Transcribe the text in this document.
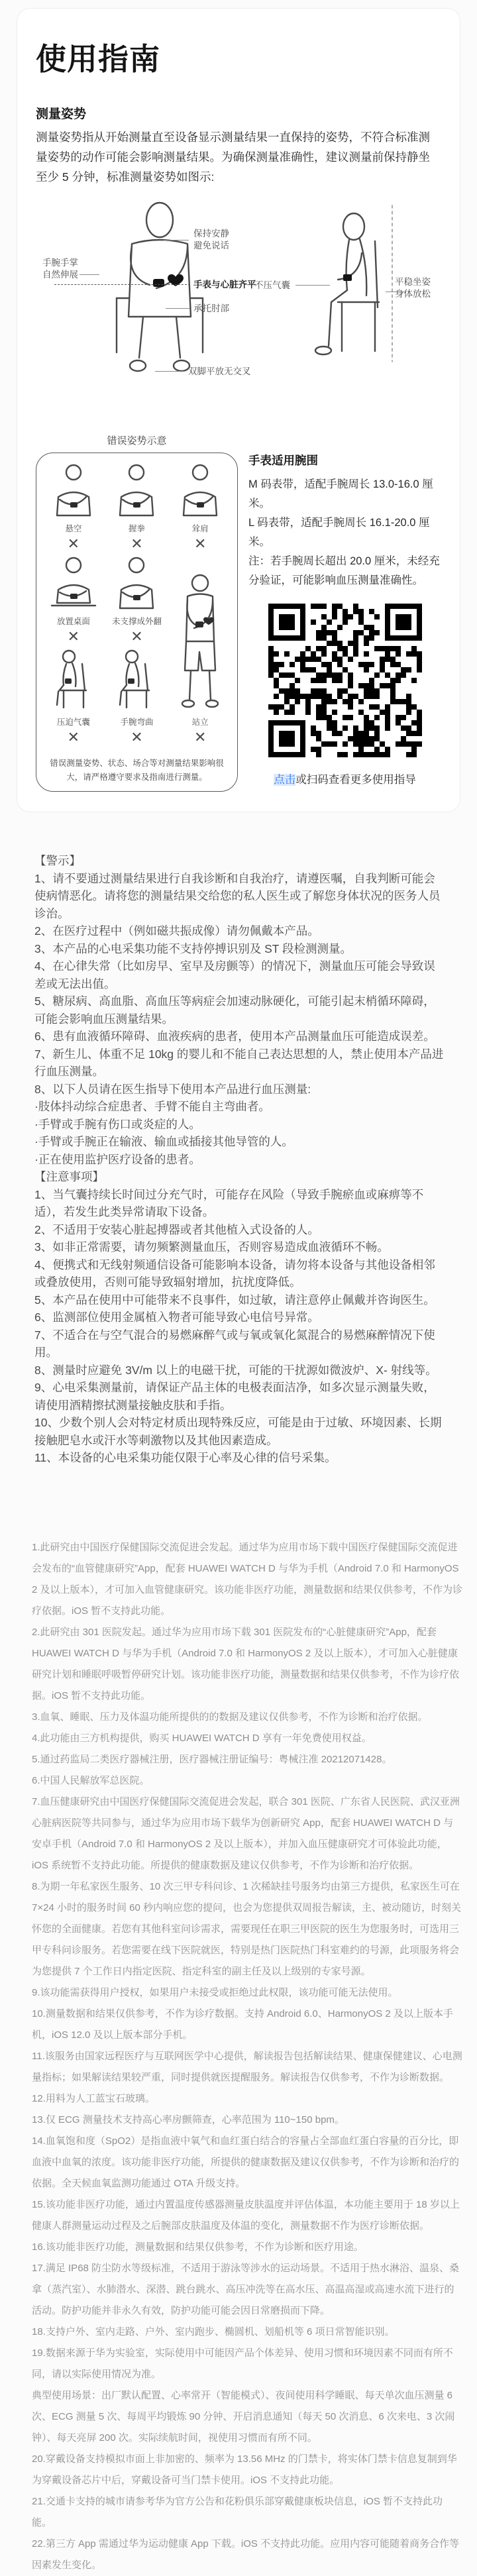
使用指南
测量姿势

测量姿势指从开始测量直至设备显示测量结果一直保持的姿势，不符合标准测量姿势的动作可能会影响测量结果。为确保测量准确性，建议测量前保持静坐至少 5 分钟，标准测量姿势如图示:

保持安静
避免说话
手腕手掌
自然伸展
手表与心脏齐平
承托肘部
双脚平放无交叉
不压气囊	平稳坐姿
身体放松
错误姿势示意
悬空
✕
握拳
✕
耸肩
✕
放置桌面
✕
未支撑成外翻
✕
站立
✕
压迫气囊
✕
手腕弯曲
✕
错误测量姿势、状态、场合等对测量结果影响很大，请严格遵守要求及指南进行测量。
手表适用腕围

M 码表带，适配手腕周长 13.0-16.0 厘米。

L 码表带，适配手腕周长 16.1-20.0 厘米。

注：若手腕周长超出 20.0 厘米，未经充分验证，可能影响血压测量准确性。

点击或扫码查看更多使用指导

【警示】

1、请不要通过测量结果进行自我诊断和自我治疗，请遵医嘱，自我判断可能会使病情恶化。请将您的测量结果交给您的私人医生或了解您身体状况的医务人员诊治。

2、在医疗过程中（例如磁共振成像）请勿佩戴本产品。

3、本产品的心电采集功能不支持停搏识别及 ST 段检测测量。

4、在心律失常（比如房早、室早及房颤等）的情况下，测量血压可能会导致误差或无法出值。

5、糖尿病、高血脂、高血压等病症会加速动脉硬化，可能引起末梢循环障碍，可能会影响血压测量结果。

6、患有血液循环障碍、血液疾病的患者，使用本产品测量血压可能造成误差。

7、新生儿、体重不足 10kg 的婴儿和不能自己表达思想的人，禁止使用本产品进行血压测量。

8、以下人员请在医生指导下使用本产品进行血压测量:

·肢体抖动综合症患者、手臂不能自主弯曲者。

·手臂或手腕有伤口或炎症的人。

·手臂或手腕正在输液、输血或插接其他导管的人。

·正在使用监护医疗设备的患者。

【注意事项】

1、当气囊持续长时间过分充气时，可能存在风险（导致手腕瘀血或麻痹等不适），若发生此类异常请取下设备。

2、不适用于安装心脏起搏器或者其他植入式设备的人。

3、如非正常需要，请勿频繁测量血压，否则容易造成血液循环不畅。

4、便携式和无线射频通信设备可能影响本设备，请勿将本设备与其他设备相邻或叠放使用，否则可能导致辐射增加，抗扰度降低。

5、本产品在使用中可能带来不良事件，如过敏，请注意停止佩戴并咨询医生。

6、监测部位使用金属植入物者可能导致心电信号异常。

7、不适合在与空气混合的易燃麻醉气或与氧或氧化氮混合的易燃麻醉情况下使用。

8、测量时应避免 3V/m 以上的电磁干扰，可能的干扰源如微波炉、X- 射线等。

9、心电采集测量前，请保证产品主体的电极表面洁净，如多次显示测量失败，请使用酒精擦拭测量接触皮肤和手指。

10、少数个别人会对特定材质出现特殊反应，可能是由于过敏、环境因素、长期接触肥皂水或汗水等刺激物以及其他因素造成。

11、本设备的心电采集功能仅限于心率及心律的信号采集。

1.此研究由中国医疗保健国际交流促进会发起。通过华为应用市场下载中国医疗保健国际交流促进会发布的“血管健康研究”App，配套 HUAWEI WATCH D 与华为手机（Android 7.0 和 HarmonyOS 2 及以上版本），才可加入血管健康研究。该功能非医疗功能，测量数据和结果仅供参考，不作为诊疗依据。iOS 暂不支持此功能。

2.此研究由 301 医院发起。通过华为应用市场下载 301 医院发布的“心脏健康研究”App，配套 HUAWEI WATCH D 与华为手机（Android 7.0 和 HarmonyOS 2 及以上版本），才可加入心脏健康研究计划和睡眠呼吸暂停研究计划。该功能非医疗功能，测量数据和结果仅供参考，不作为诊疗依据。iOS 暂不支持此功能。

3.血氧、睡眠、压力及体温功能所提供的的数据及建议仅供参考，不作为诊断和治疗依据。

4.此功能由三方机构提供，购买 HUAWEI WATCH D 享有一年免费使用权益。

5.通过药监局二类医疗器械注册，医疗器械注册证编号：粤械注准 20212071428。

6.中国人民解放军总医院。

7.血压健康研究由中国医疗保健国际交流促进会发起，联合 301 医院、广东省人民医院、武汉亚洲心脏病医院等共同参与，通过华为应用市场下载华为创新研究 App，配套 HUAWEI WATCH D 与安卓手机（Android 7.0 和 HarmonyOS 2 及以上版本），并加入血压健康研究才可体验此功能，iOS 系统暂不支持此功能。所提供的健康数据及建议仅供参考，不作为诊断和治疗依据。

8.为期一年私家医生服务、10 次三甲专科问诊、1 次稀缺挂号服务均由第三方提供，私家医生可在 7×24 小时的服务时间 60 秒内响应您的提问，也会为您提供双周报告解读，主、被动随访，时刻关怀您的全面健康。若您有其他科室问诊需求，需要现任在职三甲医院的医生为您服务时，可选用三甲专科问诊服务。若您需要在线下医院就医，特别是热门医院热门科室难约的号源，此项服务将会为您提供 7 个工作日内指定医院、指定科室的副主任及以上级别的专家号源。

9.该功能需获得用户授权，如果用户未接受或拒绝过此权限，该功能可能无法使用。

10.测量数据和结果仅供参考，不作为诊疗数据。支持 Android 6.0、HarmonyOS 2 及以上版本手机，iOS 12.0 及以上版本部分手机。

11.该服务由国家远程医疗与互联网医学中心提供，解读报告包括解读结果、健康保健建议、心电测量指标；如果解读结果较严重，同时提供就医提醒服务。解读报告仅供参考，不作为诊断数据。

12.用料为人工蓝宝石玻璃。

13.仅 ECG 测量技术支持高心率房颤筛查，心率范围为 110~150 bpm。

14.血氧饱和度（SpO2）是指血液中氧气和血红蛋白结合的容量占全部血红蛋白容量的百分比，即血液中血氧的浓度。该功能非医疗功能，所提供的健康数据及建议仅供参考，不作为诊断和治疗的依据。全天候血氧监测功能通过 OTA 升级支持。

15.该功能非医疗功能，通过内置温度传感器测量皮肤温度并评估体温，本功能主要用于 18 岁以上健康人群测量运动过程及之后腕部皮肤温度及体温的变化，测量数据不作为医疗诊断依据。

16.该功能非医疗功能，测量数据和结果仅供参考，不作为诊断和医疗用途。

17.满足 IP68 防尘防水等级标准，不适用于游泳等涉水的运动场景。不适用于热水淋浴、温泉、桑拿（蒸汽室）、水肺潜水、深潜、跳台跳水、高压冲洗等在高水压、高温高湿或高速水流下进行的活动。防护功能并非永久有效，防护功能可能会因日常磨损而下降。

18.支持户外、室内走路、户外、室内跑步、椭圆机、划船机等 6 项日常智能识别。

19.数据来源于华为实验室，实际使用中可能因产品个体差异、使用习惯和环境因素不同而有所不同，请以实际使用情况为准。

典型使用场景：出厂默认配置、心率常开（智能模式）、夜间使用科学睡眠、每天单次血压测量 6 次、ECG 测量 5 次、每周平均锻炼 90 分钟、开启消息通知（每天 50 次消息、6 次来电、3 次闹钟）、每天亮屏 200 次。实际续航时间，视使用习惯而有所不同。

20.穿戴设备支持模拟市面上非加密的、频率为 13.56 MHz 的门禁卡，将实体门禁卡信息复制到华为穿戴设备芯片中后，穿戴设备可当门禁卡使用。iOS 不支持此功能。

21.交通卡支持的城市请参考华为官方公告和花粉俱乐部穿戴健康板块信息，iOS 暂不支持此功能。

22.第三方 App 需通过华为运动健康 App 下载。iOS 不支持此功能。应用内容可能随着商务合作等因素发生变化。
